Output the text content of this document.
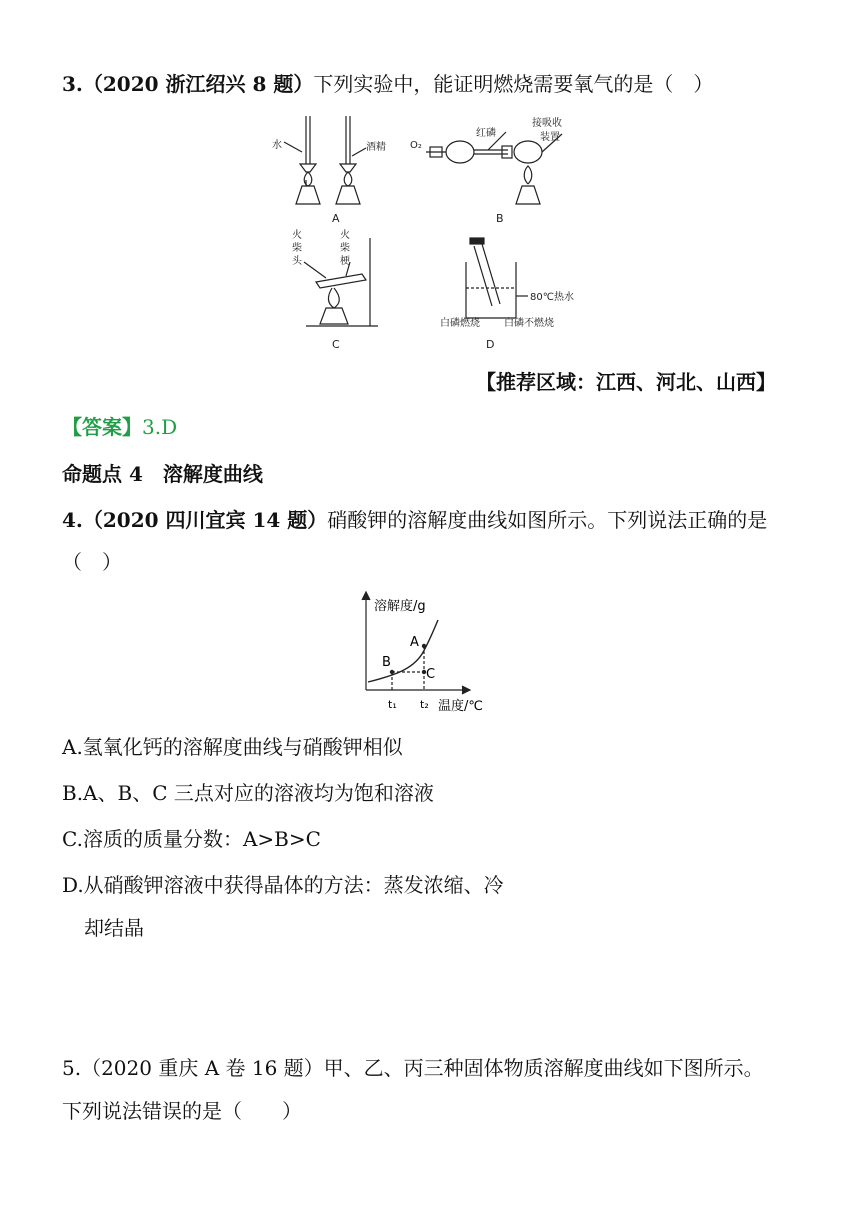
3.（2020 浙江绍兴 8 题）下列实验中，能证明燃烧需要氧气的是（　）
水	酒精 O₂
红磷
接吸收
装置
A	B
火
柴
头
火
柴
梗
80℃热水
白磷燃烧 白磷不燃烧
C	D
【推荐区域：江西、河北、山西】
【答案】3.D
命题点 4　溶解度曲线
4.（2020 四川宜宾 14 题）硝酸钾的溶解度曲线如图所示。下列说法正确的是
（　）
溶解度/g
温度/℃
t₁ t₂
A
B
C
A.氢氧化钙的溶解度曲线与硝酸钾相似
B.A、B、C 三点对应的溶液均为饱和溶液
C.溶质的质量分数：A>B>C
D.从硝酸钾溶液中获得晶体的方法：蒸发浓缩、冷
却结晶
5.（2020 重庆 A 卷 16 题）甲、乙、丙三种固体物质溶解度曲线如下图所示。
下列说法错误的是（　　）
